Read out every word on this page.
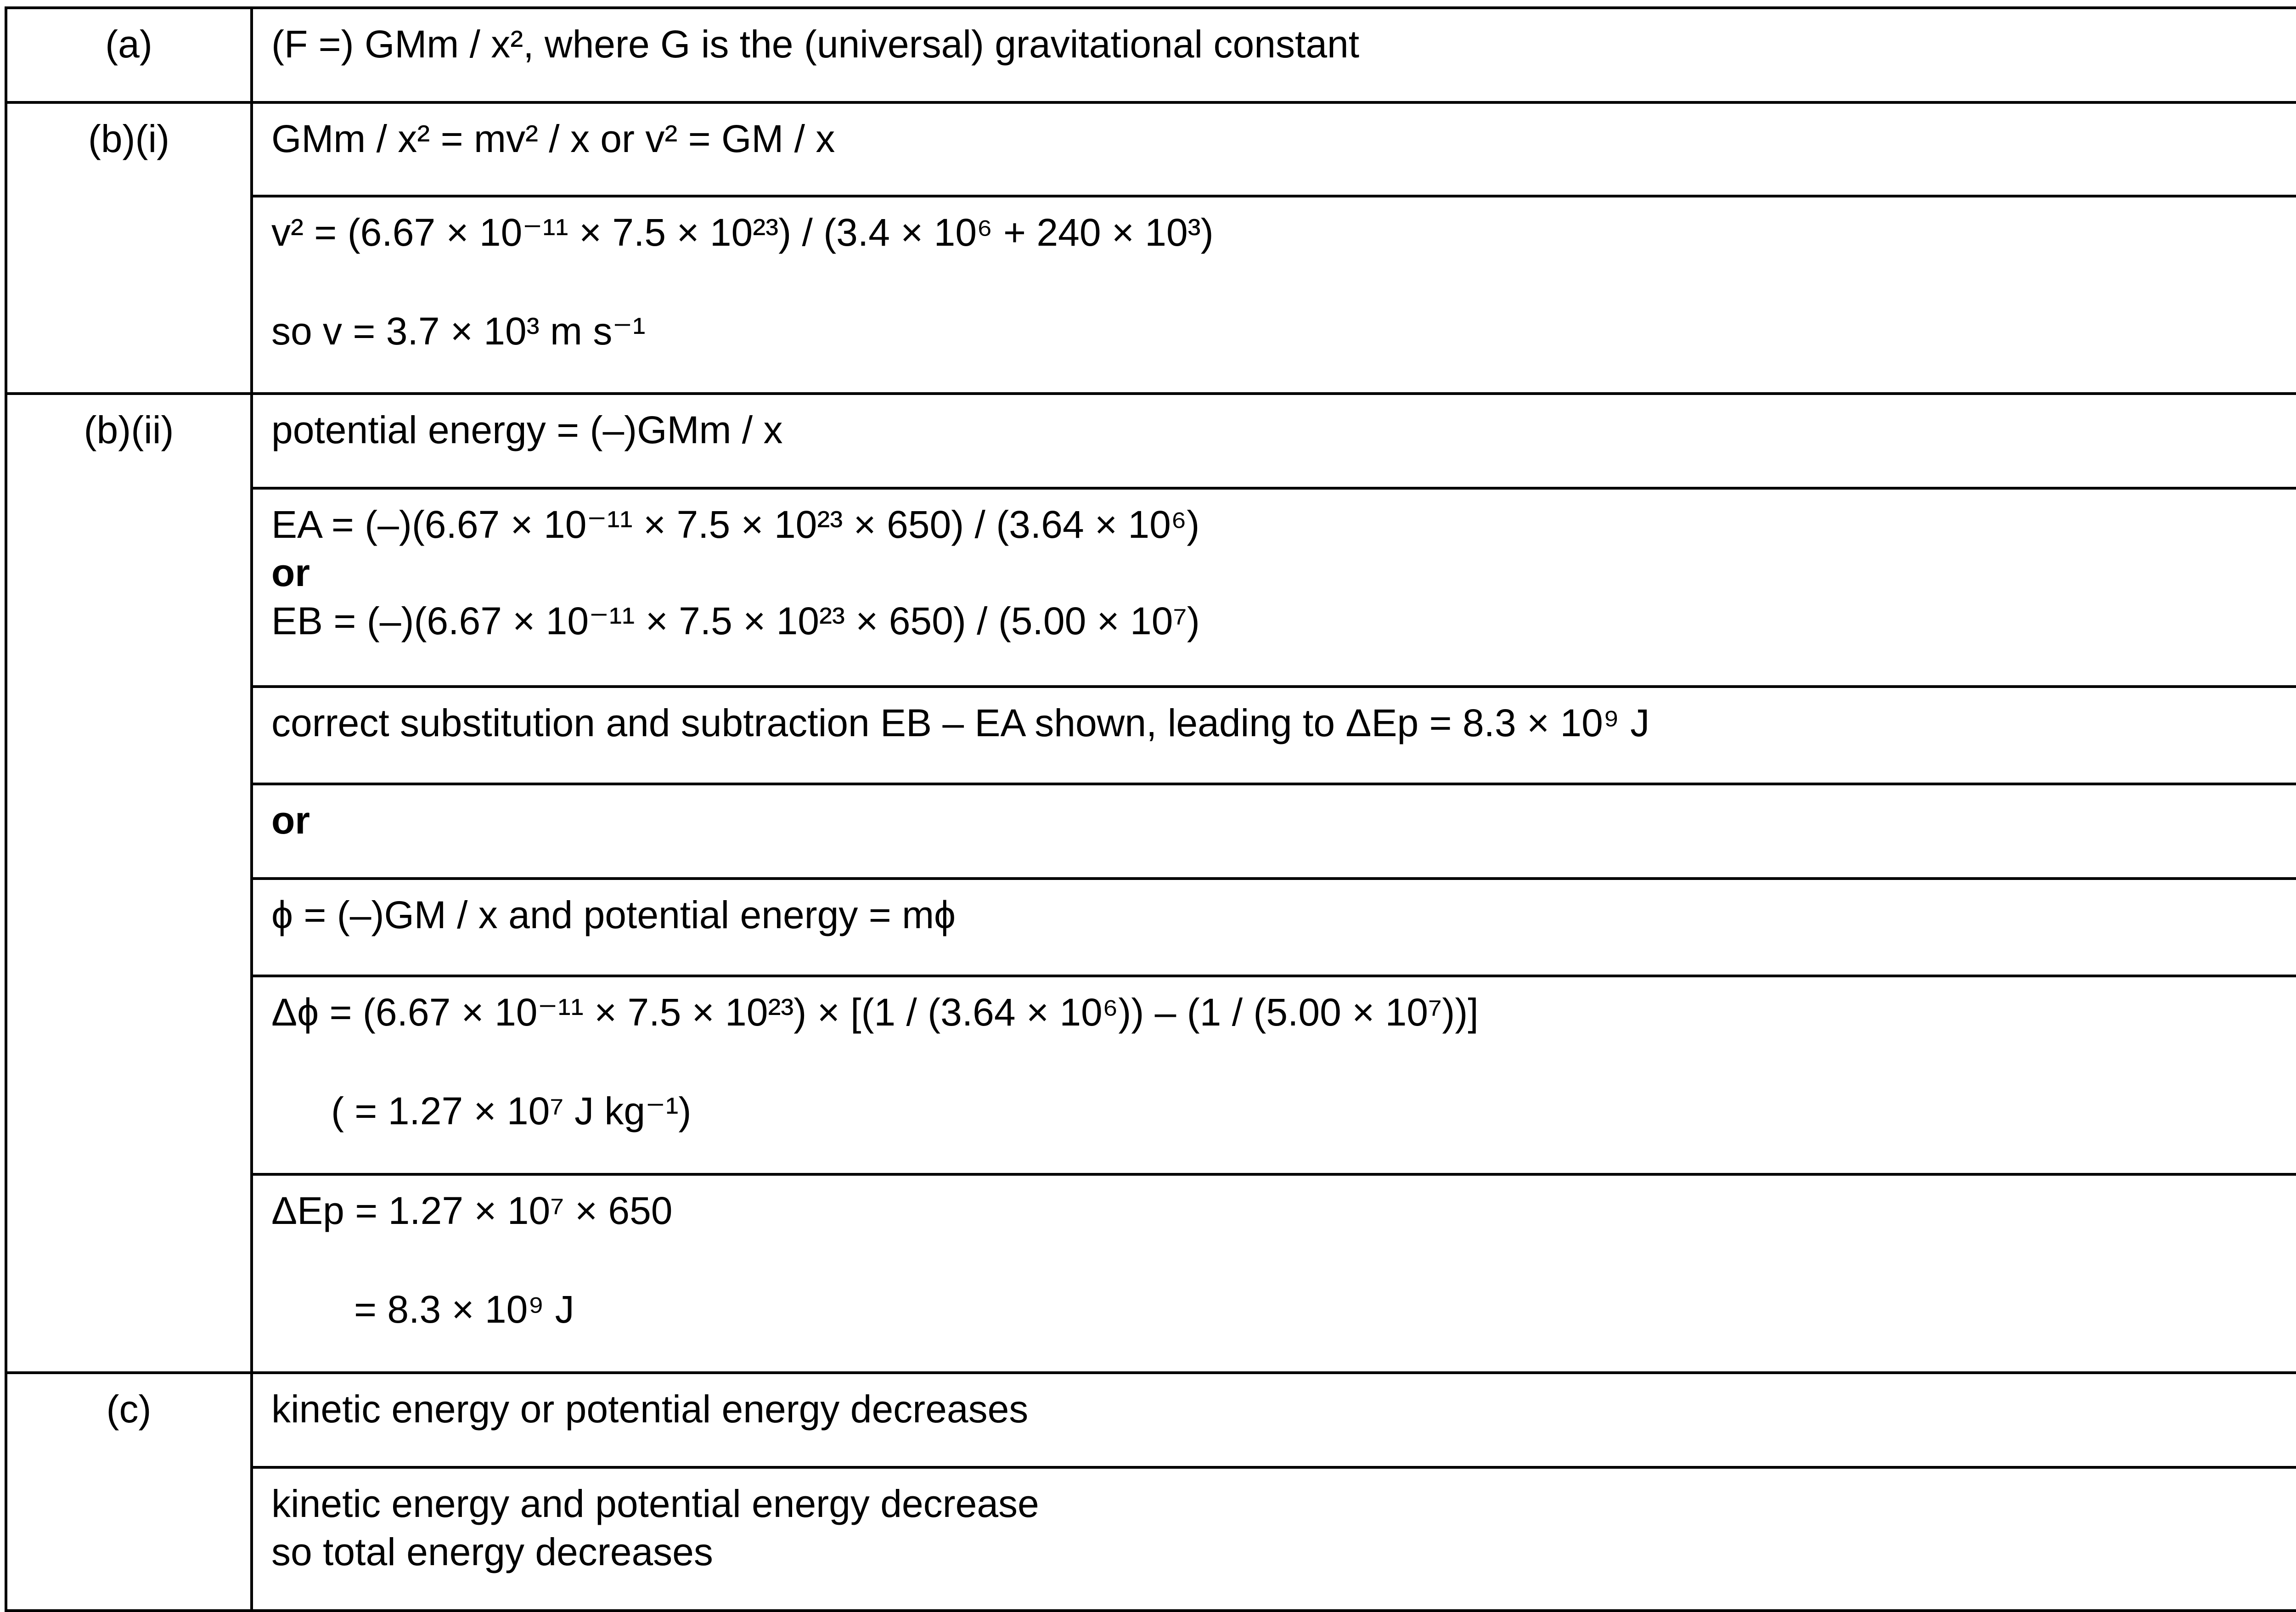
(a)	(F =) GMm / x², where G is the (universal) gravitational constant	
(b)(i)	GMm / x² = mv² / x or v² = GM / x	

	v² = (6.67 × 10⁻¹¹ × 7.5 × 10²³) / (3.4 × 10⁶ + 240 × 10³)
so v = 3.7 × 10³ m s⁻¹

(b)(ii)	potential energy = (–)GMm / x	

	EA = (–)(6.67 × 10⁻¹¹ × 7.5 × 10²³ × 650) / (3.64 × 10⁶)
or
EB = (–)(6.67 × 10⁻¹¹ × 7.5 × 10²³ × 650) / (5.00 × 10⁷)

	correct substitution and subtraction EB – EA shown, leading to ΔEp = 8.3 × 10⁹ J	
	or	
	ϕ = (–)GM / x and potential energy = mϕ	

	Δϕ = (6.67 × 10⁻¹¹ × 7.5 × 10²³) × [(1 / (3.64 × 10⁶)) – (1 / (5.00 × 10⁷))]
( = 1.27 × 10⁷ J kg⁻¹)

	ΔEp = 1.27 × 10⁷ × 650
= 8.3 × 10⁹ J

(c)	kinetic energy or potential energy decreases	

	kinetic energy and potential energy decrease
so total energy decreases
